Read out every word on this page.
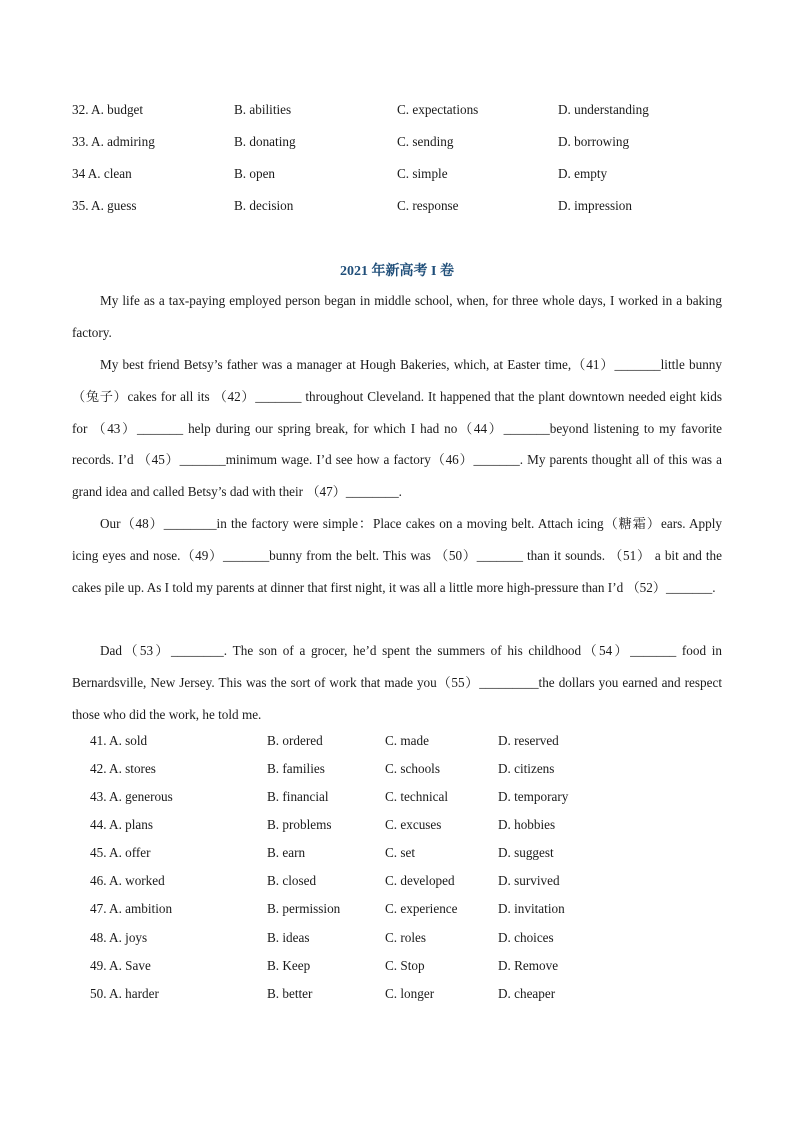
32. A. budget	B. abilities	C. expectations	D. understanding
33. A. admiring	B. donating	C. sending	D. borrowing
34 A. clean	B. open	C. simple	D. empty
35. A. guess	B. decision	C. response	D. impression
2021 年新高考 I 卷

My life as a tax-paying employed person began in middle school, when, for three whole days, I worked in a baking factory.

My best friend Betsy’s father was a manager at Hough Bakeries, which, at Easter time,（41）_______little bunny（兔子）cakes for all its （42）_______ throughout Cleveland. It happened that the plant downtown needed eight kids for （43）_______ help during our spring break, for which I had no（44）_______beyond listening to my favorite records. I’d （45）_______minimum wage. I’d see how a factory（46）_______. My parents thought all of this was a grand idea and called Betsy’s dad with their （47）________.

Our（48）________in the factory were simple：Place cakes on a moving belt. Attach icing（糖霜）ears. Apply icing eyes and nose.（49）_______bunny from the belt. This was （50）_______ than it sounds. （51） a bit and the cakes pile up. As I told my parents at dinner that first night, it was all a little more high-pressure than I’d （52）_______.

Dad（53）________. The son of a grocer, he’d spent the summers of his childhood（54）_______ food in Bernardsville, New Jersey. This was the sort of work that made you（55）_________the dollars you earned and respect those who did the work, he told me.

41. A. sold	B. ordered	C. made	D. reserved
42. A. stores	B. families	C. schools	D. citizens
43. A. generous	B. financial	C. technical	D. temporary
44. A. plans	B. problems	C. excuses	D. hobbies
45. A. offer	B. earn	C. set	D. suggest
46. A. worked	B. closed	C. developed	D. survived
47. A. ambition	B. permission	C. experience	D. invitation
48. A. joys	B. ideas	C. roles	D. choices
49. A. Save	B. Keep	C. Stop	D. Remove
50. A. harder	B. better	C. longer	D. cheaper
